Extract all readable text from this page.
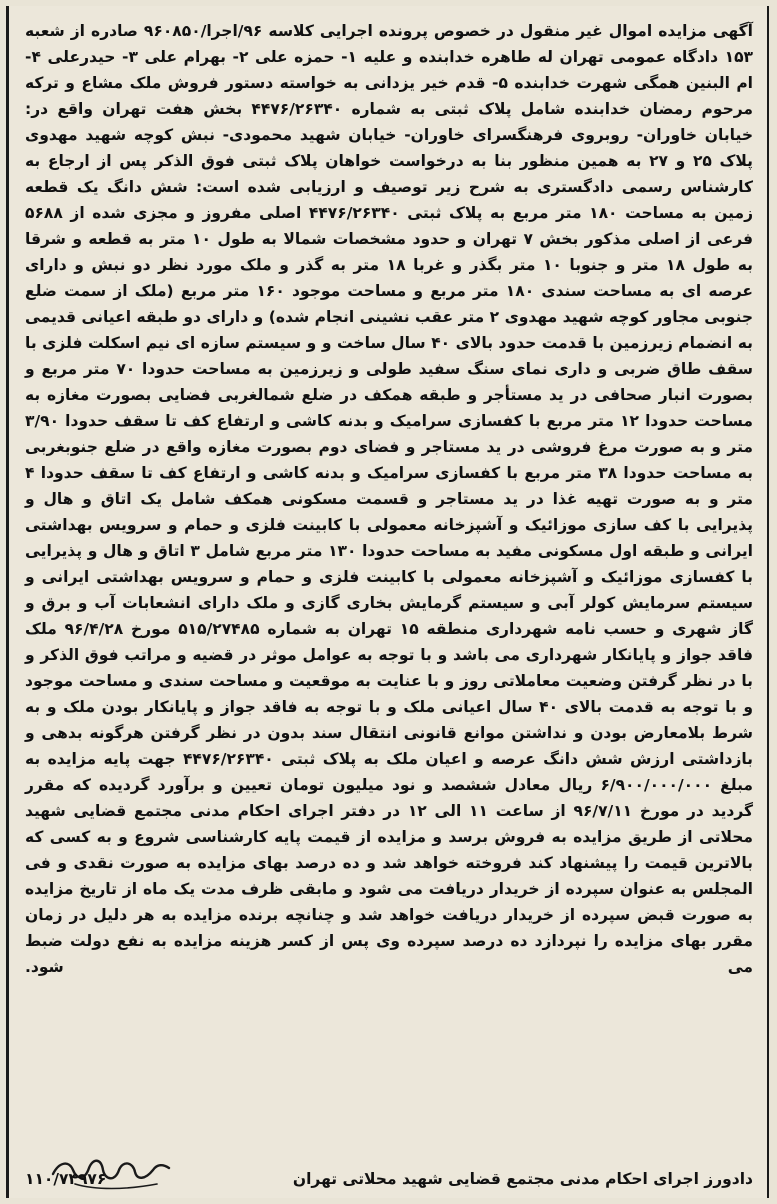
آگهی مزایده اموال غیر منقول در خصوص پرونده اجرایی کلاسه ۹۶/اجرا/۹۶۰۸۵۰ صادره از شعبه ۱۵۳ دادگاه عمومی تهران له طاهره خدابنده و علیه ۱- حمزه علی ۲- بهرام علی ۳- حیدرعلی ۴- ام البنین همگی شهرت خدابنده ۵- قدم خیر یزدانی به خواسته دستور فروش ملک مشاع و ترکه مرحوم رمضان خدابنده شامل پلاک ثبتی به شماره ۴۴۷۶/۲۶۳۴۰ بخش هفت تهران واقع در: خیابان خاوران- روبروی فرهنگسرای خاوران- خیابان شهید محمودی- نبش کوچه شهید مهدوی پلاک ۲۵ و ۲۷ به همین منظور بنا به درخواست خواهان پلاک ثبتی فوق الذکر پس از ارجاع به کارشناس رسمی دادگستری به شرح زیر توصیف و ارزیابی شده است: شش دانگ یک قطعه زمین به مساحت ۱۸۰ متر مربع به پلاک ثبتی ۴۴۷۶/۲۶۳۴۰ اصلی مفروز و مجزی شده از ۵۶۸۸ فرعی از اصلی مذکور بخش ۷ تهران و حدود مشخصات شمالا به طول ۱۰ متر به قطعه و شرقا به طول ۱۸ متر و جنوبا ۱۰ متر بگذر و غربا ۱۸ متر به گذر و ملک مورد نظر دو نبش و دارای عرصه ای به مساحت سندی ۱۸۰ متر مربع و مساحت موجود ۱۶۰ متر مربع (ملک از سمت ضلع جنوبی مجاور کوچه شهید مهدوی ۲ متر عقب نشینی انجام شده) و دارای دو طبقه اعیانی قدیمی به انضمام زیرزمین با قدمت حدود بالای ۴۰ سال ساخت و و سیستم سازه ای نیم اسکلت فلزی با سقف طاق ضربی و داری نمای سنگ سفید طولی و زیرزمین به مساحت حدودا ۷۰ متر مربع و بصورت انبار صحافی در ید مستأجر و طبقه همکف در ضلع شمالغربی فضایی بصورت مغازه به مساحت حدودا ۱۲ متر مربع با کفسازی سرامیک و بدنه کاشی و ارتفاع کف تا سقف حدودا ۳/۹۰ متر و به صورت مرغ فروشی در ید مستاجر و فضای دوم بصورت مغازه واقع در ضلع جنوبغربی به مساحت حدودا ۳۸ متر مربع با کفسازی سرامیک و بدنه کاشی و ارتفاع کف تا سقف حدودا ۴ متر و به صورت تهیه غذا در ید مستاجر و قسمت مسکونی همکف شامل یک اتاق و هال و پذیرایی با کف سازی موزائیک و آشپزخانه معمولی با کابینت فلزی و حمام و سرویس بهداشتی ایرانی و طبقه اول مسکونی مفید به مساحت حدودا ۱۳۰ متر مربع شامل ۳ اتاق و هال و پذیرایی با کفسازی موزائیک و آشپزخانه معمولی با کابینت فلزی و حمام و سرویس بهداشتی ایرانی و سیستم سرمایش کولر آبی و سیستم گرمایش بخاری گازی و ملک دارای انشعابات آب و برق و گاز شهری و حسب نامه شهرداری منطقه ۱۵ تهران به شماره ۵۱۵/۲۷۴۸۵ مورخ ۹۶/۴/۲۸ ملک فاقد جواز و پایانکار شهرداری می باشد و با توجه به عوامل موثر در قضیه و مراتب فوق الذکر و با در نظر گرفتن وضعیت معاملاتی روز و با عنایت به موقعیت و مساحت سندی و مساحت موجود و با توجه به قدمت بالای ۴۰ سال اعیانی ملک و با توجه به فاقد جواز و پایانکار بودن ملک و به شرط بلامعارض بودن و نداشتن موانع قانونی انتقال سند بدون در نظر گرفتن هرگونه بدهی و بازداشتی ارزش شش دانگ عرصه و اعیان ملک به پلاک ثبتی ۴۴۷۶/۲۶۳۴۰ جهت پایه مزایده به مبلغ ۶/۹۰۰/۰۰۰/۰۰۰ ریال معادل ششصد و نود میلیون تومان تعیین و برآورد گردیده که مقرر گردید در مورخ ۹۶/۷/۱۱ از ساعت ۱۱ الی ۱۲ در دفتر اجرای احکام مدنی مجتمع قضایی شهید محلاتی از طریق مزایده به فروش برسد و مزایده از قیمت پایه کارشناسی شروع و به کسی که بالاترین قیمت را پیشنهاد کند فروخته خواهد شد و ده درصد بهای مزایده به صورت نقدی و فی المجلس به عنوان سپرده از خریدار دریافت می شود و مابقی ظرف مدت یک ماه از تاریخ مزایده به صورت قبض سپرده از خریدار دریافت خواهد شد و چنانچه برنده مزایده به هر دلیل در زمان مقرر بهای مزایده را نپردازد ده درصد سپرده وی پس از کسر هزینه مزایده به نفع دولت ضبط می شود.

دادورز اجرای احکام مدنی مجتمع قضایی شهید محلاتی تهران
۱۱۰/۷۴۹۷۶
